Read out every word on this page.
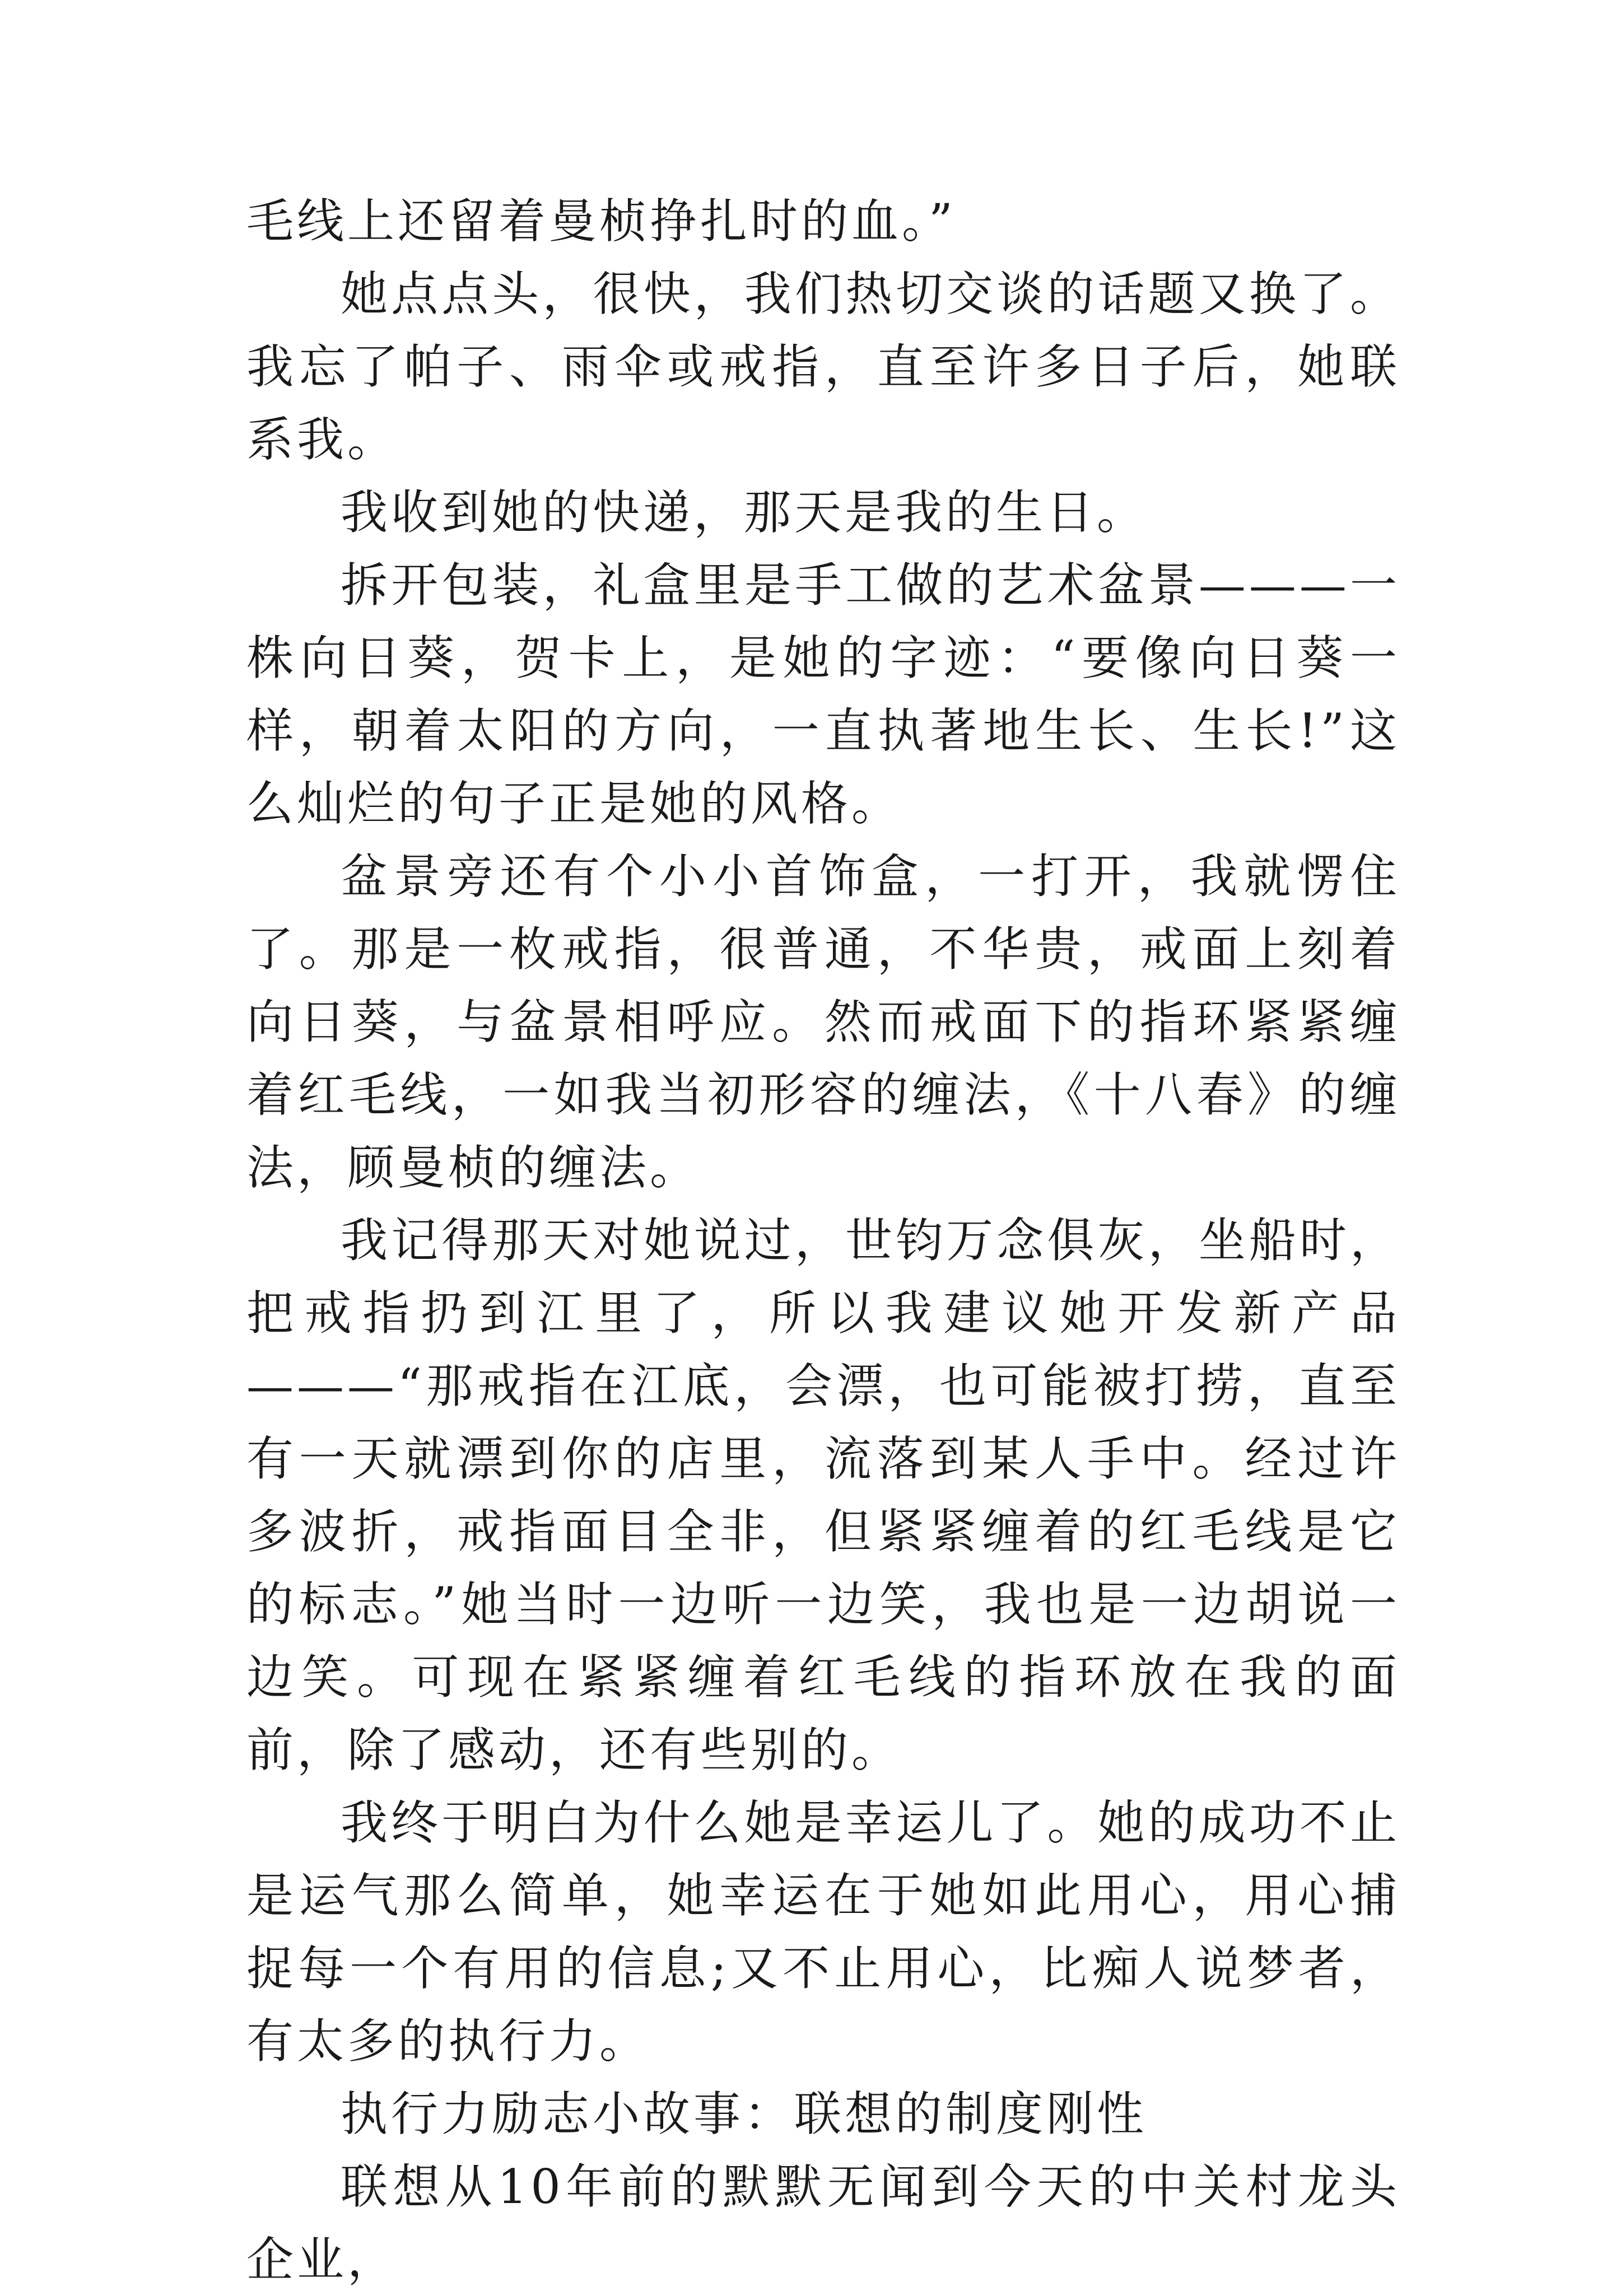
毛线上还留着曼桢挣扎时的血。”

她点点头，很快，我们热切交谈的话题又换了。我忘了帕子、雨伞或戒指，直至许多日子后，她联系我。

我收到她的快递，那天是我的生日。

拆开包装，礼盒里是手工做的艺术盆景———一株向日葵，贺卡上，是她的字迹：“要像向日葵一样，朝着太阳的方向，一直执著地生长、生长!”这么灿烂的句子正是她的风格。

盆景旁还有个小小首饰盒，一打开，我就愣住了。那是一枚戒指，很普通，不华贵，戒面上刻着向日葵，与盆景相呼应。然而戒面下的指环紧紧缠着红毛线，一如我当初形容的缠法，《十八春》的缠法，顾曼桢的缠法。

我记得那天对她说过，世钧万念俱灰，坐船时，把戒指扔到江里了，所以我建议她开发新产品———“那戒指在江底，会漂，也可能被打捞，直至有一天就漂到你的店里，流落到某人手中。经过许多波折，戒指面目全非，但紧紧缠着的红毛线是它的标志。”她当时一边听一边笑，我也是一边胡说一边笑。可现在紧紧缠着红毛线的指环放在我的面前，除了感动，还有些别的。

我终于明白为什么她是幸运儿了。她的成功不止是运气那么简单，她幸运在于她如此用心，用心捕捉每一个有用的信息;又不止用心，比痴人说梦者，有太多的执行力。

执行力励志小故事：联想的制度刚性

联想从10年前的默默无闻到今天的中关村龙头企业，
